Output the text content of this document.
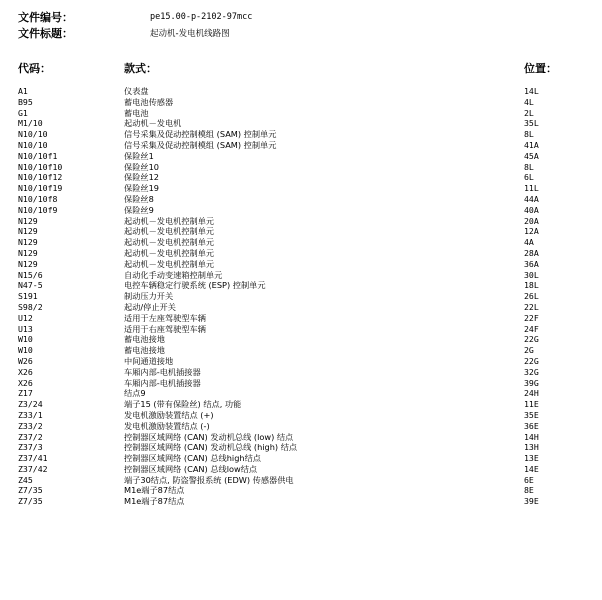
文件编号：	pe15.00-p-2102-97mcc
文件标题：	起动机-发电机线路图
代码：	款式：	位置：
A1	仪表盘	14L
B95	蓄电池传感器	4L
G1	蓄电池	2L
M1/10	起动机－发电机	35L
N10/10	信号采集及促动控制模组 (SAM) 控制单元	8L
N10/10	信号采集及促动控制模组 (SAM) 控制单元	41A
N10/10f1	保险丝1	45A
N10/10f10	保险丝10	8L
N10/10f12	保险丝12	6L
N10/10f19	保险丝19	11L
N10/10f8	保险丝8	44A
N10/10f9	保险丝9	40A
N129	起动机－发电机控制单元	20A
N129	起动机－发电机控制单元	12A
N129	起动机－发电机控制单元	4A
N129	起动机－发电机控制单元	28A
N129	起动机－发电机控制单元	36A
N15/6	自动化手动变速箱控制单元	30L
N47-5	电控车辆稳定行驶系统 (ESP) 控制单元	18L
S191	制动压力开关	26L
S98/2	起动/停止开关	22L
U12	适用于左座驾驶型车辆	22F
U13	适用于右座驾驶型车辆	24F
W10	蓄电池接地	22G
W10	蓄电池接地	2G
W26	中间通道接地	22G
X26	车厢内部-电机插接器	32G
X26	车厢内部-电机插接器	39G
Z17	结点9	24H
Z3/24	端子15 (带有保险丝) 结点, 功能	11E
Z33/1	发电机激励装置结点 (+)	35E
Z33/2	发电机激励装置结点 (-)	36E
Z37/2	控制器区域网络 (CAN) 发动机总线 (low) 结点	14H
Z37/3	控制器区域网络 (CAN) 发动机总线 (high) 结点	13H
Z37/41	控制器区域网络 (CAN) 总线high结点	13E
Z37/42	控制器区域网络 (CAN) 总线low结点	14E
Z45	端子30结点, 防盗警报系统 (EDW) 传感器供电	6E
Z7/35	M1e端子87结点	8E
Z7/35	M1e端子87结点	39E
